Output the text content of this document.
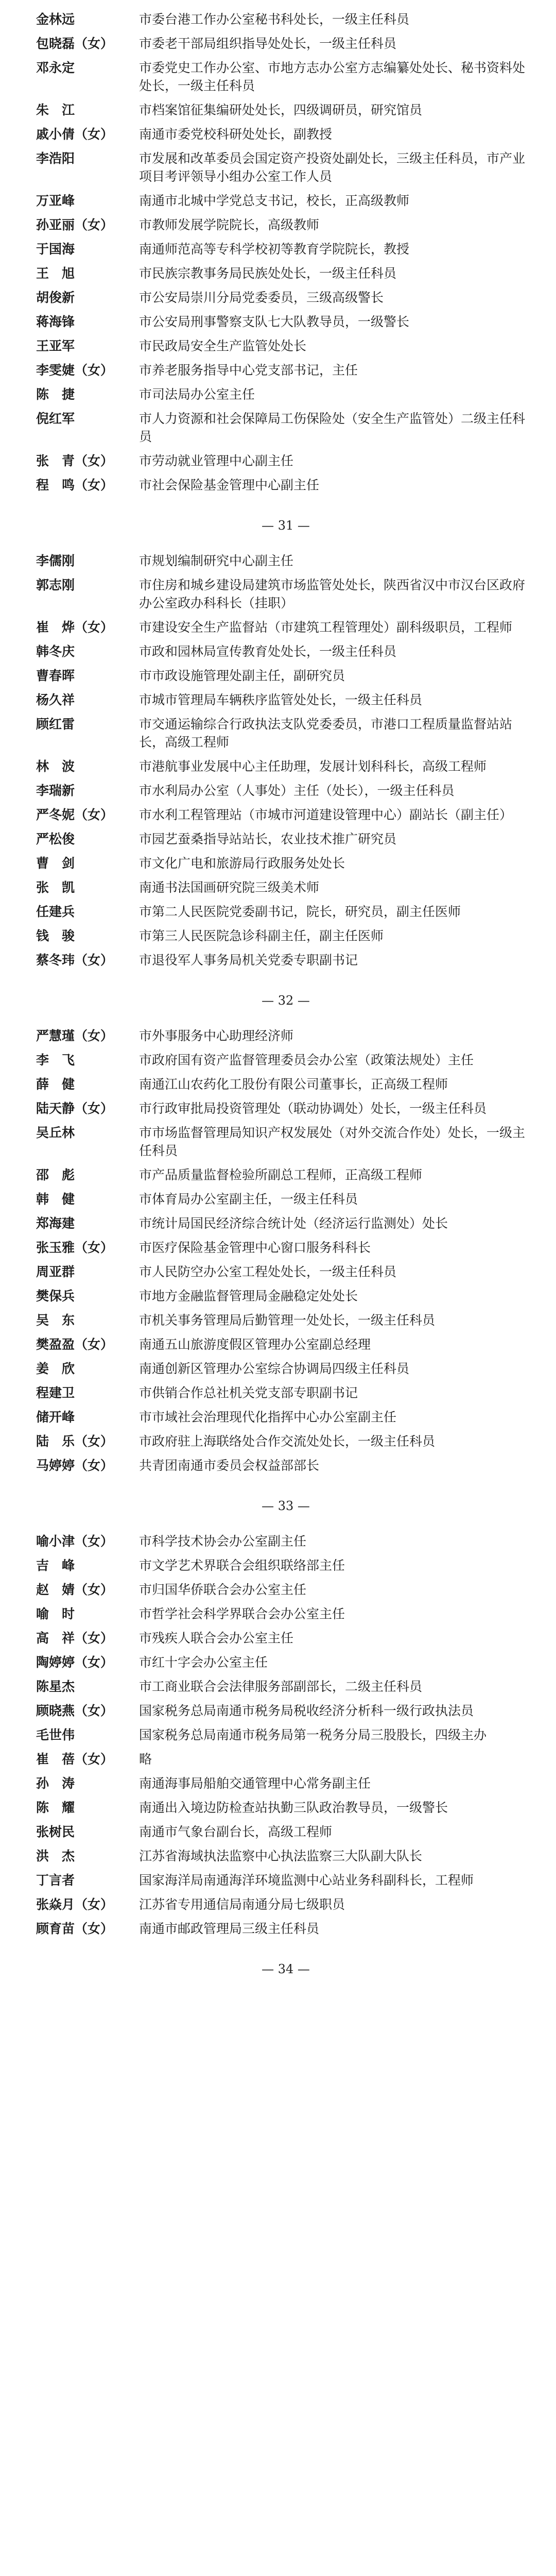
金林远	市委台港工作办公室秘书科处长，一级主任科员
包晓磊（女）	市委老干部局组织指导处处长，一级主任科员
邓永定	市委党史工作办公室、市地方志办公室方志编纂处处长、秘书资料处处长，一级主任科员
朱　江	市档案馆征集编研处处长，四级调研员，研究馆员
戚小倩（女）	南通市委党校科研处处长，副教授
李浩阳	市发展和改革委员会国定资产投资处副处长，三级主任科员，市产业项目考评领导小组办公室工作人员
万亚峰	南通市北城中学党总支书记，校长，正高级教师
孙亚丽（女）	市教师发展学院院长，高级教师
于国海	南通师范高等专科学校初等教育学院院长，教授
王　旭	市民族宗教事务局民族处处长，一级主任科员
胡俊新	市公安局崇川分局党委委员，三级高级警长
蒋海锋	市公安局刑事警察支队七大队教导员，一级警长
王亚军	市民政局安全生产监管处处长
李雯婕（女）	市养老服务指导中心党支部书记，主任
陈　捷	市司法局办公室主任
倪红军	市人力资源和社会保障局工伤保险处（安全生产监管处）二级主任科员
张　青（女）	市劳动就业管理中心副主任
程　鸣（女）	市社会保险基金管理中心副主任
— 31 —
李儒刚	市规划编制研究中心副主任
郭志刚	市住房和城乡建设局建筑市场监管处处长，陕西省汉中市汉台区政府办公室政办科科长（挂职）
崔　烨（女）	市建设安全生产监督站（市建筑工程管理处）副科级职员，工程师
韩冬庆	市政和园林局宣传教育处处长，一级主任科员
曹春晖	市市政设施管理处副主任，副研究员
杨久祥	市城市管理局车辆秩序监管处处长，一级主任科员
顾红雷	市交通运输综合行政执法支队党委委员，市港口工程质量监督站站长，高级工程师
林　波	市港航事业发展中心主任助理，发展计划科科长，高级工程师
李瑞新	市水利局办公室（人事处）主任（处长），一级主任科员
严冬妮（女）	市水利工程管理站（市城市河道建设管理中心）副站长（副主任）
严松俊	市园艺蚕桑指导站站长，农业技术推广研究员
曹　剑	市文化广电和旅游局行政服务处处长
张　凯	南通书法国画研究院三级美术师
任建兵	市第二人民医院党委副书记，院长，研究员，副主任医师
钱　骏	市第三人民医院急诊科副主任，副主任医师
蔡冬玮（女）	市退役军人事务局机关党委专职副书记
— 32 —
严慧瑾（女）	市外事服务中心助理经济师
李　飞	市政府国有资产监督管理委员会办公室（政策法规处）主任
薛　健	南通江山农药化工股份有限公司董事长，正高级工程师
陆天静（女）	市行政审批局投资管理处（联动协调处）处长，一级主任科员
吴丘林	市市场监督管理局知识产权发展处（对外交流合作处）处长，一级主任科员
邵　彪	市产品质量监督检验所副总工程师，正高级工程师
韩　健	市体育局办公室副主任，一级主任科员
郑海建	市统计局国民经济综合统计处（经济运行监测处）处长
张玉雅（女）	市医疗保险基金管理中心窗口服务科科长
周亚群	市人民防空办公室工程处处长，一级主任科员
樊保兵	市地方金融监督管理局金融稳定处处长
吴　东	市机关事务管理局后勤管理一处处长，一级主任科员
樊盈盈（女）	南通五山旅游度假区管理办公室副总经理
姜　欣	南通创新区管理办公室综合协调局四级主任科员
程建卫	市供销合作总社机关党支部专职副书记
储开峰	市市域社会治理现代化指挥中心办公室副主任
陆　乐（女）	市政府驻上海联络处合作交流处处长，一级主任科员
马婷婷（女）	共青团南通市委员会权益部部长
— 33 —
喻小津（女）	市科学技术协会办公室副主任
吉　峰	市文学艺术界联合会组织联络部主任
赵　婧（女）	市归国华侨联合会办公室主任
喻　时	市哲学社会科学界联合会办公室主任
高　祥（女）	市残疾人联合会办公室主任
陶婷婷（女）	市红十字会办公室主任
陈星杰	市工商业联合会法律服务部副部长，二级主任科员
顾晓燕（女）	国家税务总局南通市税务局税收经济分析科一级行政执法员
毛世伟	国家税务总局南通市税务局第一税务分局三股股长，四级主办
崔　蓓（女）	略
孙　涛	南通海事局船舶交通管理中心常务副主任
陈　耀	南通出入境边防检查站执勤三队政治教导员，一级警长
张树民	南通市气象台副台长，高级工程师
洪　杰	江苏省海域执法监察中心执法监察三大队副大队长
丁言者	国家海洋局南通海洋环境监测中心站业务科副科长，工程师
张焱月（女）	江苏省专用通信局南通分局七级职员
顾育苗（女）	南通市邮政管理局三级主任科员
— 34 —
